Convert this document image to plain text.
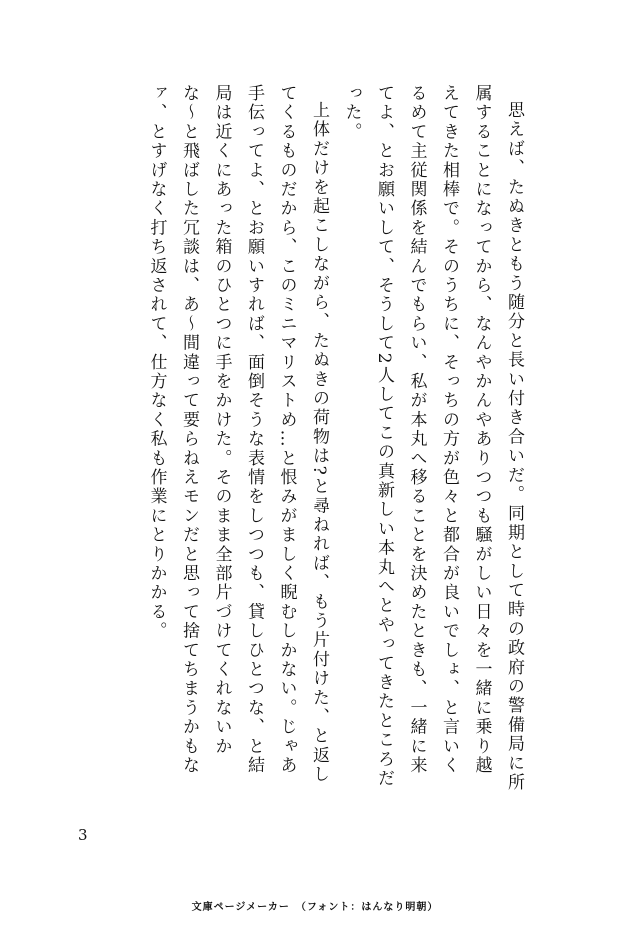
思えば、たぬきともう随分と長い付き合いだ。同期として時の政府の警備局に所属することになってから、なんやかんやありつつも騒がしい日々を一緒に乗り越えてきた相棒で。そのうちに、そっちの方が色々と都合が良いでしょ、と言いくるめて主従関係を結んでもらい、私が本丸へ移ることを決めたときも、一緒に来てよ、とお願いして、そうして2人してこの真新しい本丸へとやってきたところだった。

上体だけを起こしながら、たぬきの荷物は?と尋ねれば、もう片付けた、と返してくるものだから、このミニマリストめ…と恨みがましく睨むしかない。じゃあ手伝ってよ、とお願いすれば、面倒そうな表情をしつつも、貸しひとつな、と結局は近くにあった箱のひとつに手をかけた。そのまま全部片づけてくれないかな〜と飛ばした冗談は、あ〜間違って要らねえモンだと思って捨てちまうかもなァ、とすげなく打ち返されて、仕方なく私も作業にとりかかる。

3
文庫ページメーカー　（フォント：はんなり明朝）
